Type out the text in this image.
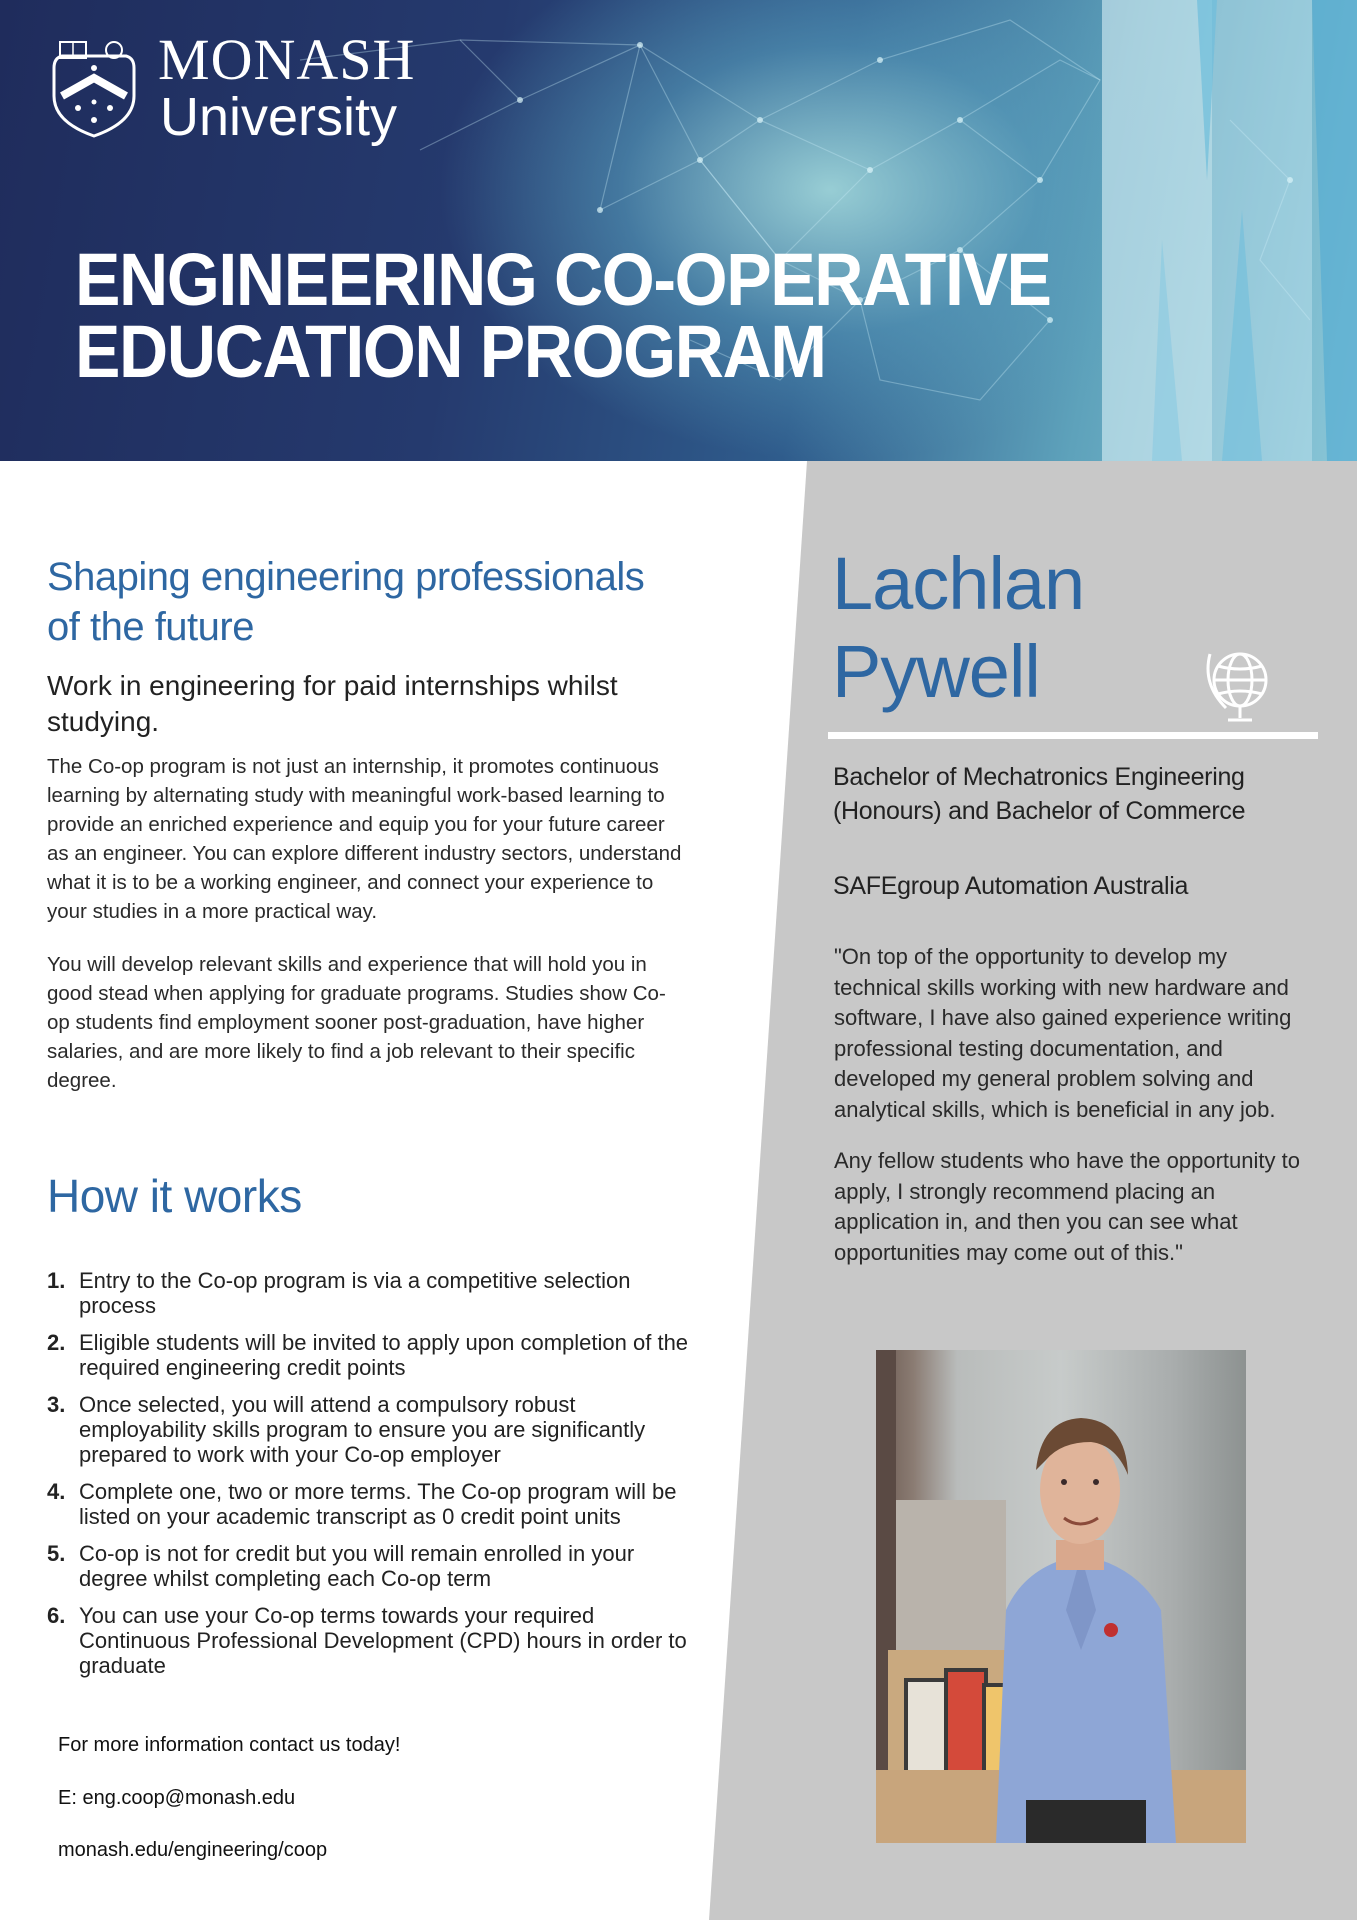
MONASH
University
ENGINEERING CO-OPERATIVE
EDUCATION PROGRAM
Shaping engineering professionals
of the future

Work in engineering for paid internships whilst studying.

The Co-op program is not just an internship, it promotes continuous learning by alternating study with meaningful work-based learning to provide an enriched experience and equip you for your future career as an engineer. You can explore different industry sectors, understand what it is to be a working engineer, and connect your experience to your studies in a more practical way.

You will develop relevant skills and experience that will hold you in good stead when applying for graduate programs. Studies show Co-op students find employment sooner post-graduation, have higher salaries, and are more likely to find a job relevant to their specific degree.

How it works
1. Entry to the Co-op program is via a competitive selection process
2. Eligible students will be invited to apply upon completion of the required engineering credit points
3. Once selected, you will attend a compulsory robust employability skills program to ensure you are significantly prepared to work with your Co-op employer
4. Complete one, two or more terms. The Co-op program will be listed on your academic transcript as 0 credit point units
5. Co-op is not for credit but you will remain enrolled in your degree whilst completing each Co-op term
6. You can use your Co-op terms towards your required Continuous Professional Development (CPD) hours in order to graduate

For more information contact us today!

E: eng.coop@monash.edu

monash.edu/engineering/coop

Lachlan
Pywell

Bachelor of Mechatronics Engineering (Honours) and Bachelor of Commerce

SAFEgroup Automation Australia

"On top of the opportunity to develop my technical skills working with new hardware and software, I have also gained experience writing professional testing documentation, and developed my general problem solving and analytical skills, which is beneficial in any job.

Any fellow students who have the opportunity to apply, I strongly recommend placing an application in, and then you can see what opportunities may come out of this."
